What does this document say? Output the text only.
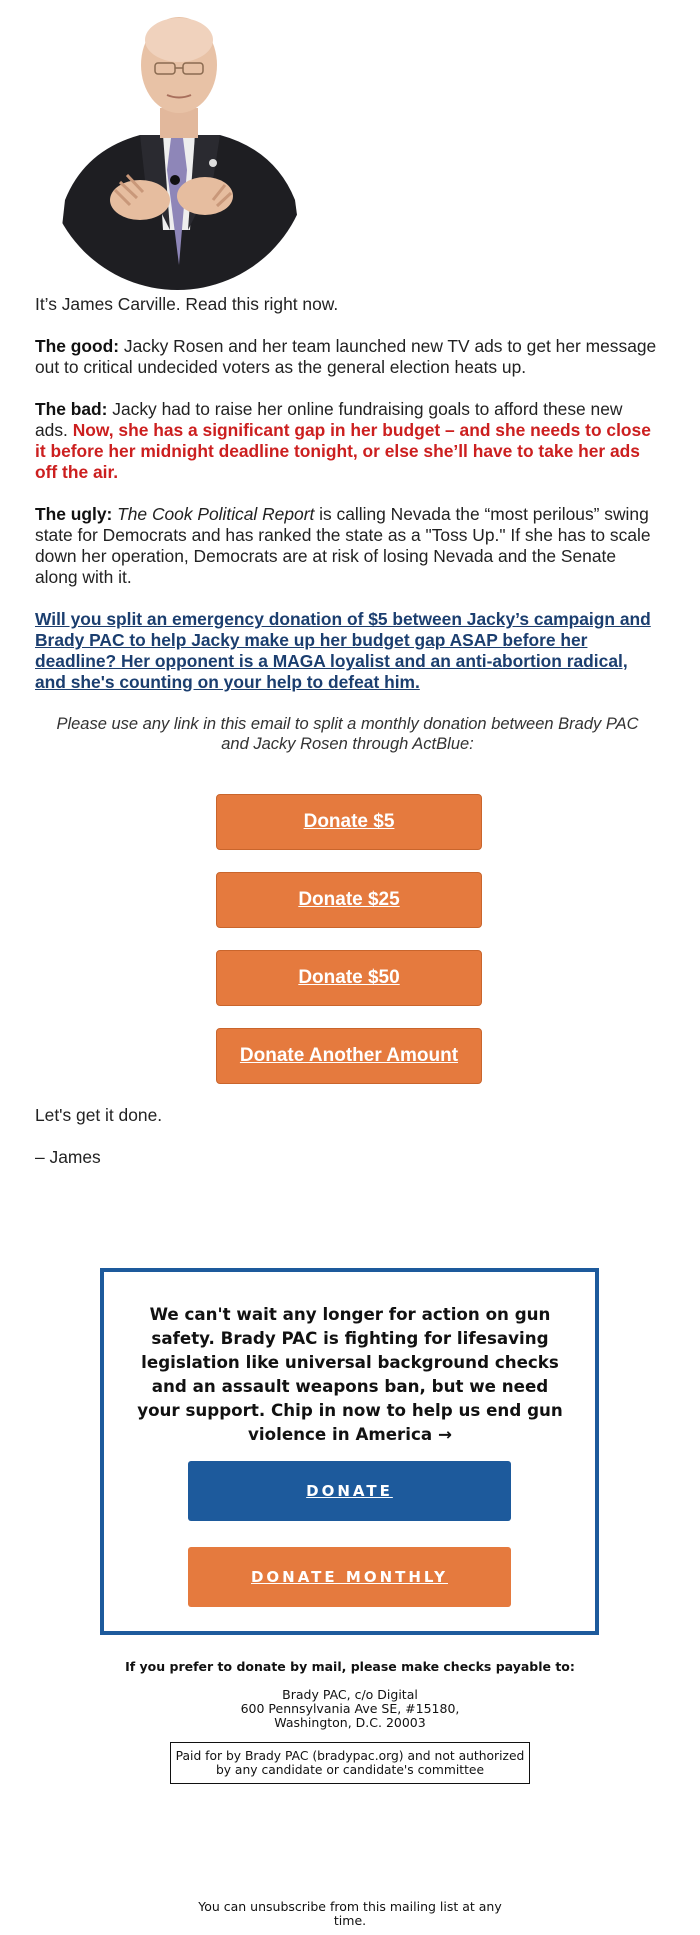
It’s James Carville. Read this right now.

The good: Jacky Rosen and her team launched new TV ads to get her message out to critical undecided voters as the general election heats up.

The bad: Jacky had to raise her online fundraising goals to afford these new ads. Now, she has a significant gap in her budget – and she needs to close it before her midnight deadline tonight, or else she’ll have to take her ads off the air.

The ugly: The Cook Political Report is calling Nevada the “most perilous” swing state for Democrats and has ranked the state as a "Toss Up." If she has to scale down her operation, Democrats are at risk of losing Nevada and the Senate along with it.

Will you split an emergency donation of $5 between Jacky’s campaign and Brady PAC to help Jacky make up her budget gap ASAP before her deadline? Her opponent is a MAGA loyalist and an anti-abortion radical, and she's counting on your help to defeat him.

Please use any link in this email to split a monthly donation between Brady PAC and Jacky Rosen through ActBlue:

Donate $5
Donate $25
Donate $50
Donate Another Amount
Let's get it done.
– James
We can't wait any longer for action on gun safety. Brady PAC is fighting for lifesaving legislation like universal background checks and an assault weapons ban, but we need your support. Chip in now to help us end gun violence in America →
DONATE
DONATE MONTHLY
If you prefer to donate by mail, please make checks payable to:
Brady PAC, c/o Digital
600 Pennsylvania Ave SE, #15180,
Washington, D.C. 20003
Paid for by Brady PAC (bradypac.org) and not authorized by any candidate or candidate's committee
You can unsubscribe from this mailing list at any time.
